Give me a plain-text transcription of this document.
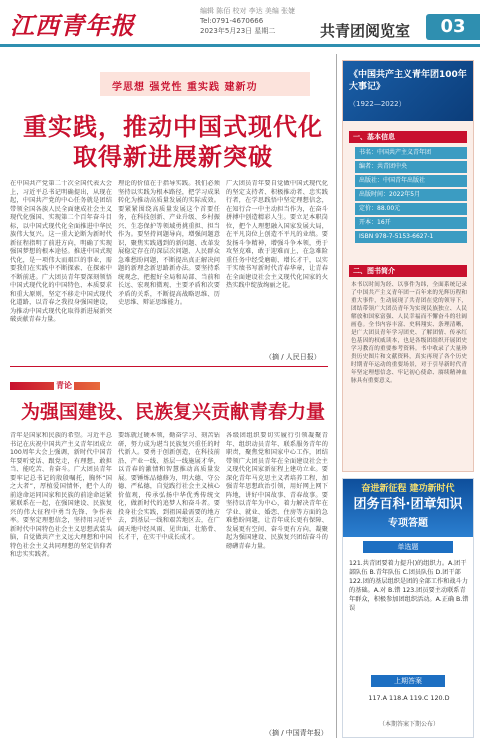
江西青年报	编辑 陈佰 校对 李达 美编 张婕
Tel:0791-4670666
2023年5月23日 星期二	共青团阅览室	03
学思想 强党性 重实践 建新功
重实践，推动中国式现代化取得新进展新突破
在中国共产党第二十次全国代表大会上，习近平总书记明确提出，从现在起，中国共产党的中心任务就是团结带领全国各族人民全面建成社会主义现代化强国、实现第二个百年奋斗目标，以中国式现代化全面推进中华民族伟大复兴。这一重大论断为新时代新征程指明了前进方向，明确了实现强国梦想的根本途径。推进中国式现代化，是一项伟大而艰巨的事业，需要我们在实践中不断探索、在探索中不断前进。广大团员青年要深刻领悟中国式现代化的中国特色、本质要求和重大原则，坚定不移走中国式现代化道路，以青春之我投身强国建设，为推动中国式现代化取得新进展新突破贡献青春力量。
理论的价值在于指导实践。我们必须坚持以实践为根本路径，把学习成果转化为推动高质量发展的实际成效。要紧紧围绕高质量发展这个首要任务，在科技创新、产业升级、乡村振兴、生态保护等领域勇挑重担、担当作为。要坚持问题导向，增强问题意识，聚焦实践遇到的新问题、改革发展稳定存在的深层次问题、人民群众急难愁盼问题，不断提出真正解决问题的新理念新思路新办法。要坚持系统观念，把握好全局和局部、当前和长远、宏观和微观、主要矛盾和次要矛盾的关系，不断提高战略思维、历史思维、辩证思维能力。
广大团员青年要自觉做中国式现代化的坚定支持者、积极推动者、忠实践行者，在学思践悟中坚定理想信念，在知行合一中主动担当作为，在奋斗拼搏中创造精彩人生。要立足本职岗位，把个人理想融入国家发展大局，在平凡岗位上创造不平凡的业绩。要发扬斗争精神，增强斗争本领，勇于攻坚克难，敢于迎难而上，在急难险重任务中经受磨砺、增长才干，以实干实绩书写新时代青春华章，让青春在全面建设社会主义现代化国家的火热实践中绽放绚丽之花。
（摘 / 人民日报）
青论
为强国建设、民族复兴贡献青春力量
青年是国家和民族的希望。习近平总书记在庆祝中国共产主义青年团成立100周年大会上强调，新时代中国青年要听党话、跟党走，有理想、敢担当、能吃苦、肯奋斗。广大团员青年要牢记总书记的殷殷嘱托，胸怀“国之大者”，厚植爱国情怀，把个人的前途命运同国家和民族的前途命运紧紧联系在一起，在强国建设、民族复兴的伟大征程中勇当先锋、争作表率。要坚定理想信念，坚持用习近平新时代中国特色社会主义思想武装头脑，自觉做共产主义远大理想和中国特色社会主义共同理想的坚定信仰者和忠实实践者。
要练就过硬本领，勤奋学习、刻苦钻研，努力成为堪当民族复兴重任的时代新人。要勇于创新创造，在科技前沿、产业一线、基层一线施展才华，以青春的激情和智慧推动高质量发展。要锤炼品德修为，明大德、守公德、严私德，自觉践行社会主义核心价值观，传承弘扬中华优秀传统文化，做新时代的追梦人和奋斗者。要投身社会实践，到祖国最需要的地方去，到基层一线和艰苦地区去，在广阔天地中经风雨、见世面、壮筋骨、长才干，在实干中成长成才。
各级团组织要切实履行引领凝聚青年、组织动员青年、联系服务青年的职责，聚焦党和国家中心工作，团结带领广大团员青年在全面建设社会主义现代化国家新征程上建功立业。要深化青年马克思主义者培养工程，加强青年思想政治引领，用好网上网下阵地，讲好中国故事、青春故事。要坚持以青年为中心，着力解决青年在学业、就业、婚恋、住房等方面的急难愁盼问题，让青年成长更有保障、发展更有空间、奋斗更有方向，凝聚起为强国建设、民族复兴团结奋斗的磅礴青春力量。
（摘 / 中国青年报）
《中国共产主义青年团100年大事记》
（1922—2022）
一、基本信息
书名：中国共产主义青年团
编者：共青团中央
出版社：中国青年出版社
出版时间：2022年5月
定价：88.00元
开本：16开
ISBN 978-7-5153-6627-1
二、图书简介
本书以时间为经、以事件为纬，全面系统记录了中国共产主义青年团一百年来的光辉历程和重大事件，生动展现了共青团在党的领导下，团结带领广大团员青年为实现民族独立、人民解放和国家富强、人民幸福而不懈奋斗的壮阔画卷。全书内容丰富、史料翔实、条理清晰，是广大团员青年学习团史、了解团情、传承红色基因的权威读本，也是各级团组织开展团史学习教育的重要参考资料。书中收录了大量珍贵历史图片和文献资料，真实再现了各个历史时期青年运动的重要场景，对于引导新时代青年坚定理想信念、牢记初心使命、赓续精神血脉具有重要意义。
奋进新征程 建功新时代
团务百科·团章知识
专项答题
单选题
121.共青团要着力提升()的组织力。A.团干部队伍 B.青年队伍 C.团员队伍 D.团干部 122.团的基层组织是团的全部工作和战斗力的基础。A.对 B.错 123.团员要主动联系青年群众，积极参加团组织活动。A.正确 B.错误
上期答案
117.A 118.A 119.C 120.D
（本期答案下期公布）
